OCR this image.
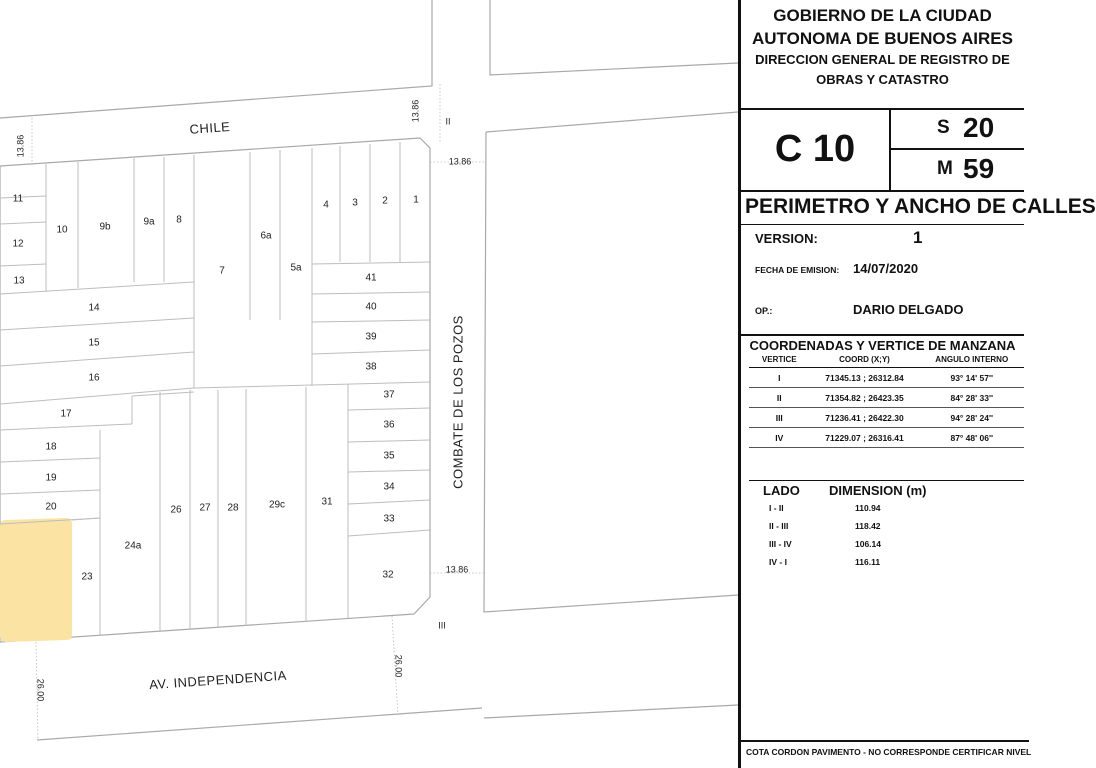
CHILE
COMBATE DE LOS POZOS
AV. INDEPENDENCIA
13.86
13.86
13.86
13.86
26.00
26.00
II
III
1
2
3
4
5a
6a
7
8
9a
9b
10
11
12
13
14
15
16
17
18
19
20
23
24a
26 27 28	29c	31
32
33
34
35
36
37
38
39
40
41
GOBIERNO DE LA CIUDAD
AUTONOMA DE BUENOS AIRES
DIRECCION GENERAL DE REGISTRO DE
OBRAS Y CATASTRO
C 10	S 20
M 59
PERIMETRO Y ANCHO DE CALLES
VERSION:	1
FECHA DE EMISION: 14/07/2020
OP.:	DARIO DELGADO
COORDENADAS Y VERTICE DE MANZANA
VERTICE	COORD (X;Y)	ANGULO INTERNO
I	71345.13 ; 26312.84	93° 14' 57''
II	71354.82 ; 26423.35	84° 28' 33''
III	71236.41 ; 26422.30	94° 28' 24''
IV	71229.07 ; 26316.41	87° 48' 06''
LADO DIMENSION (m)
I - II	110.94
II - III	118.42
III - IV	106.14
IV - I	116.11
COTA CORDON PAVIMENTO - NO CORRESPONDE CERTIFICAR NIVEL
